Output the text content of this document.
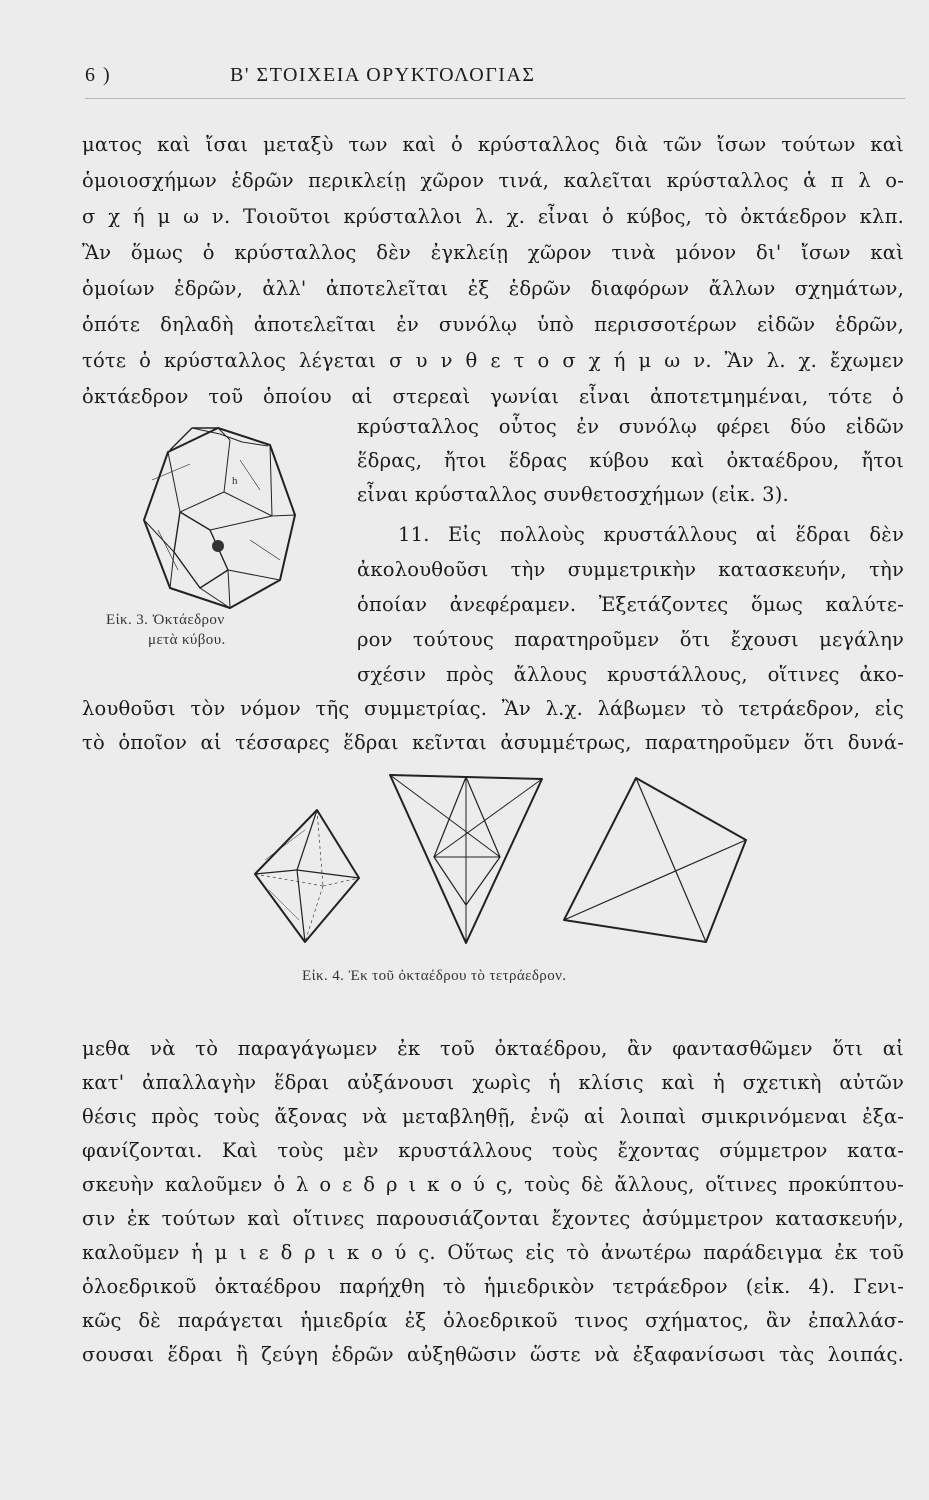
6 )	Β' ΣΤΟΙΧΕΙΑ ΟΡΥΚΤΟΛΟΓΙΑΣ
ματος καὶ ἴσαι μεταξὺ των καὶ ὁ κρύσταλλος διὰ τῶν ἴσων τούτων καὶ
ὁμοιοσχήμων ἑδρῶν περικλείῃ χῶρον τινά, καλεῖται κρύσταλλος ἁ π λ ο-
σ χ ή μ ω ν. Τοιοῦτοι κρύσταλλοι λ. χ. εἶναι ὁ κύβος, τὸ ὀκτάεδρον κλπ.
Ἂν ὅμως ὁ κρύσταλλος δὲν ἐγκλείῃ χῶρον τινὰ μόνον δι' ἴσων καὶ
ὁμοίων ἑδρῶν, ἀλλ' ἀποτελεῖται ἐξ ἑδρῶν διαφόρων ἄλλων σχημάτων,
ὁπότε δηλαδὴ ἀποτελεῖται ἐν συνόλῳ ὑπὸ περισσοτέρων εἰδῶν ἑδρῶν,
τότε ὁ κρύσταλλος λέγεται σ υ ν θ ε τ ο σ χ ή μ ω ν. Ἂν λ. χ. ἔχωμεν
ὀκτάεδρον τοῦ ὁποίου αἱ στερεαὶ γωνίαι εἶναι ἀποτετμημέναι, τότε ὁ
κρύσταλλος οὗτος ἐν συνόλῳ φέρει δύο εἰδῶν
ἕδρας, ἤτοι ἕδρας κύβου καὶ ὀκταέδρου, ἤτοι
εἶναι κρύσταλλος συνθετοσχήμων (εἰκ. 3).
11. Εἰς πολλοὺς κρυστάλλους αἱ ἕδραι δὲν
ἀκολουθοῦσι τὴν συμμετρικὴν κατασκευήν, τὴν
ὁποίαν ἀνεφέραμεν. Ἐξετάζοντες ὅμως καλύτε-
ρον τούτους παρατηροῦμεν ὅτι ἔχουσι μεγάλην
σχέσιν πρὸς ἄλλους κρυστάλλους, οἵτινες ἀκο-
h
Εἰκ. 3. Ὀκτάεδρον
μετὰ κύβου.
λουθοῦσι τὸν νόμον τῆς συμμετρίας. Ἂν λ.χ. λάβωμεν τὸ τετράεδρον, εἰς
τὸ ὁποῖον αἱ τέσσαρες ἕδραι κεῖνται ἀσυμμέτρως, παρατηροῦμεν ὅτι δυνά-
Εἰκ. 4. Ἐκ τοῦ ὀκταέδρου τὸ τετράεδρον.
μεθα νὰ τὸ παραγάγωμεν ἐκ τοῦ ὀκταέδρου, ἂν φαντασθῶμεν ὅτι αἱ
κατ' ἀπαλλαγὴν ἕδραι αὐξάνουσι χωρὶς ἡ κλίσις καὶ ἡ σχετικὴ αὐτῶν
θέσις πρὸς τοὺς ἄξονας νὰ μεταβληθῇ, ἐνῷ αἱ λοιπαὶ σμικρινόμεναι ἐξα-
φανίζονται. Καὶ τοὺς μὲν κρυστάλλους τοὺς ἔχοντας σύμμετρον κατα-
σκευὴν καλοῦμεν ὁ λ ο ε δ ρ ι κ ο ύ ς, τοὺς δὲ ἄλλους, οἵτινες προκύπτου-
σιν ἐκ τούτων καὶ οἵτινες παρουσιάζονται ἔχοντες ἀσύμμετρον κατασκευήν,
καλοῦμεν ἡ μ ι ε δ ρ ι κ ο ύ ς. Οὕτως εἰς τὸ ἀνωτέρω παράδειγμα ἐκ τοῦ
ὁλοεδρικοῦ ὀκταέδρου παρήχθη τὸ ἡμιεδρικὸν τετράεδρον (εἰκ. 4). Γενι-
κῶς δὲ παράγεται ἡμιεδρία ἐξ ὁλοεδρικοῦ τινος σχήματος, ἂν ἐπαλλάσ-
σουσαι ἕδραι ἢ ζεύγη ἑδρῶν αὐξηθῶσιν ὥστε νὰ ἐξαφανίσωσι τὰς λοιπάς.
